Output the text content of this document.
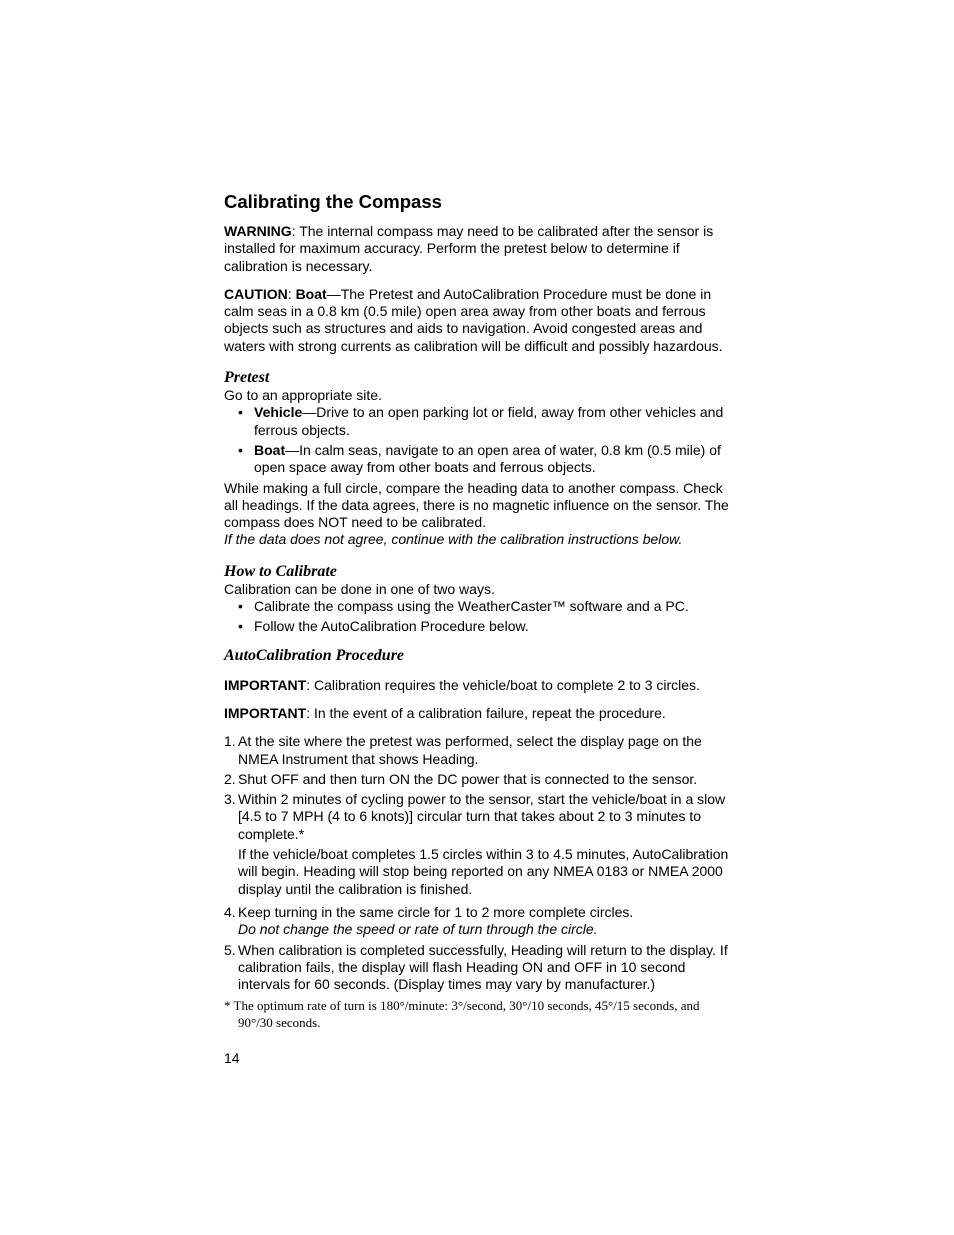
Calibrating the Compass

WARNING: The internal compass may need to be calibrated after the sensor is installed for maximum accuracy. Perform the pretest below to determine if calibration is necessary.

CAUTION: Boat—The Pretest and AutoCalibration Procedure must be done in calm seas in a 0.8 km (0.5 mile) open area away from other boats and ferrous objects such as structures and aids to navigation. Avoid congested areas and waters with strong currents as calibration will be difficult and possibly hazardous.

Pretest

Go to an appropriate site.

• Vehicle—Drive to an open parking lot or field, away from other vehicles and ferrous objects.
• Boat—In calm seas, navigate to an open area of water, 0.8 km (0.5 mile) of open space away from other boats and ferrous objects.

While making a full circle, compare the heading data to another compass. Check all headings. If the data agrees, there is no magnetic influence on the sensor. The compass does NOT need to be calibrated.

If the data does not agree, continue with the calibration instructions below.

How to Calibrate

Calibration can be done in one of two ways.

• Calibrate the compass using the WeatherCaster™ software and a PC.
• Follow the AutoCalibration Procedure below.
AutoCalibration Procedure

IMPORTANT: Calibration requires the vehicle/boat to complete 2 to 3 circles.

IMPORTANT: In the event of a calibration failure, repeat the procedure.

1. At the site where the pretest was performed, select the display page on the NMEA Instrument that shows Heading.
2. Shut OFF and then turn ON the DC power that is connected to the sensor.
3. Within 2 minutes of cycling power to the sensor, start the vehicle/boat in a slow [4.5 to 7 MPH (4 to 6 knots)] circular turn that takes about 2 to 3 minutes to complete.*
If the vehicle/boat completes 1.5 circles within 3 to 4.5 minutes, AutoCalibration will begin. Heading will stop being reported on any NMEA 0183 or NMEA 2000 display until the calibration is finished.
4. Keep turning in the same circle for 1 to 2 more complete circles.
Do not change the speed or rate of turn through the circle.
5. When calibration is completed successfully, Heading will return to the display. If calibration fails, the display will flash Heading ON and OFF in 10 second intervals for 60 seconds. (Display times may vary by manufacturer.)

* The optimum rate of turn is 180°/minute: 3°/second, 30°/10 seconds, 45°/15 seconds, and 90°/30 seconds.

14
